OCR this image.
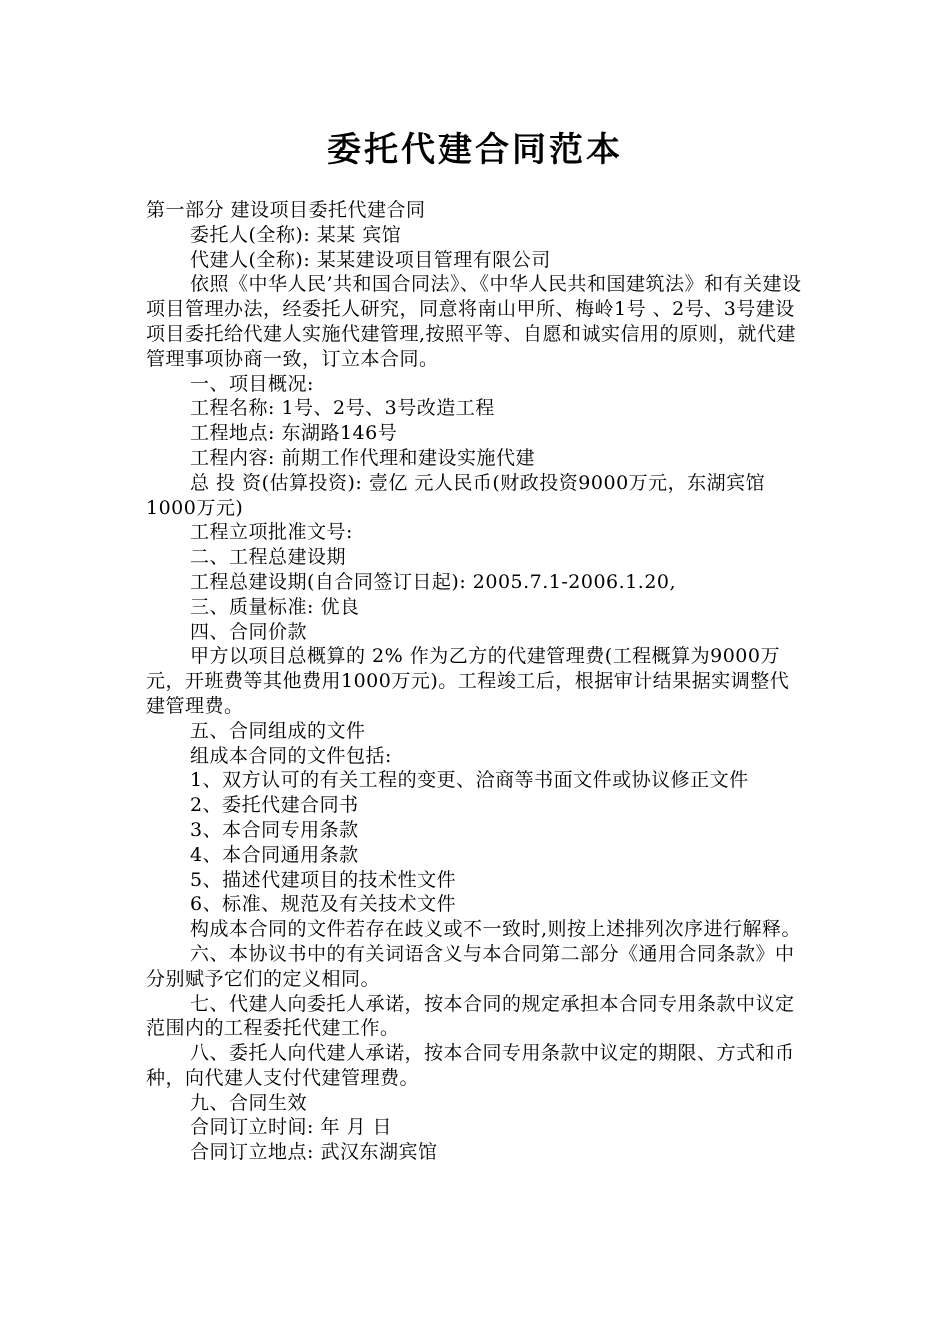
委托代建合同范本

第一部分 建设项目委托代建合同

委托人(全称): 某某 宾馆

代建人(全称): 某某建设项目管理有限公司

依照《中华人民’共和国合同法》、《中华人民共和国建筑法》和有关建设项目管理办法，经委托人研究，同意将南山甲所、梅岭1号 、2号、3号建设项目委托给代建人实施代建管理,按照平等、自愿和诚实信用的原则，就代建管理事项协商一致，订立本合同。

一、项目概况:

工程名称: 1号、2号、3号改造工程

工程地点: 东湖路146号

工程内容: 前期工作代理和建设实施代建

总 投 资(估算投资): 壹亿 元人民币(财政投资9000万元，东湖宾馆1000万元)

工程立项批准文号:

二、工程总建设期

工程总建设期(自合同签订日起): 2005.7.1-2006.1.20,

三、质量标准: 优良

四、合同价款

甲方以项目总概算的 2% 作为乙方的代建管理费(工程概算为9000万元，开班费等其他费用1000万元)。工程竣工后，根据审计结果据实调整代建管理费。

五、合同组成的文件

组成本合同的文件包括:

1、双方认可的有关工程的变更、洽商等书面文件或协议修正文件

2、委托代建合同书

3、本合同专用条款

4、本合同通用条款

5、描述代建项目的技术性文件

6、标准、规范及有关技术文件

构成本合同的文件若存在歧义或不一致时,则按上述排列次序进行解释。

六、本协议书中的有关词语含义与本合同第二部分《通用合同条款》中分别赋予它们的定义相同。

七、代建人向委托人承诺，按本合同的规定承担本合同专用条款中议定范围内的工程委托代建工作。

八、委托人向代建人承诺，按本合同专用条款中议定的期限、方式和币种，向代建人支付代建管理费。

九、合同生效

合同订立时间: 年 月 日

合同订立地点: 武汉东湖宾馆
